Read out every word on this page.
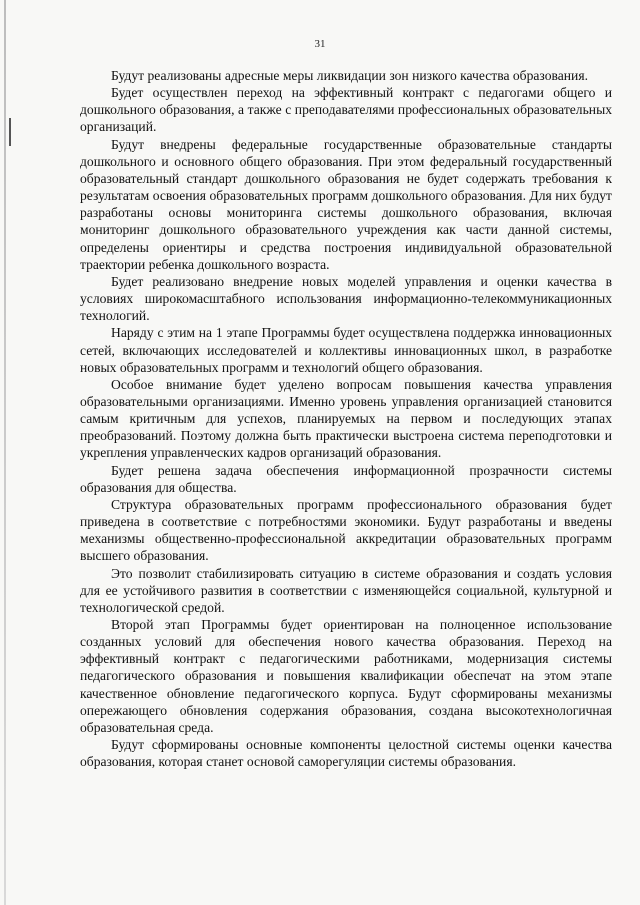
31

Будут реализованы адресные меры ликвидации зон низкого качества образования.

Будет осуществлен переход на эффективный контракт с педагогами общего и дошкольного образования, а также с преподавателями профессиональных образовательных организаций.

Будут внедрены федеральные государственные образовательные стандарты дошкольного и основного общего образования. При этом федеральный государственный образовательный стандарт дошкольного образования не будет содержать требования к результатам освоения образовательных программ дошкольного образования. Для них будут разработаны основы мониторинга системы дошкольного образования, включая мониторинг дошкольного образовательного учреждения как части данной системы, определены ориентиры и средства построения индивидуальной образовательной траектории ребенка дошкольного возраста.

Будет реализовано внедрение новых моделей управления и оценки качества в условиях широкомасштабного использования информационно-телекоммуникационных технологий.

Наряду с этим на 1 этапе Программы будет осуществлена поддержка инновационных сетей, включающих исследователей и коллективы инновационных школ, в разработке новых образовательных программ и технологий общего образования.

Особое внимание будет уделено вопросам повышения качества управления образовательными организациями. Именно уровень управления организацией становится самым критичным для успехов, планируемых на первом и последующих этапах преобразований. Поэтому должна быть практически выстроена система переподготовки и укрепления управленческих кадров организаций образования.

Будет решена задача обеспечения информационной прозрачности системы образования для общества.

Структура образовательных программ профессионального образования будет приведена в соответствие с потребностями экономики. Будут разработаны и введены механизмы общественно-профессиональной аккредитации образовательных программ высшего образования.

Это позволит стабилизировать ситуацию в системе образования и создать условия для ее устойчивого развития в соответствии с изменяющейся социальной, культурной и технологической средой.

Второй этап Программы будет ориентирован на полноценное использование созданных условий для обеспечения нового качества образования. Переход на эффективный контракт с педагогическими работниками, модернизация системы педагогического образования и повышения квалификации обеспечат на этом этапе качественное обновление педагогического корпуса. Будут сформированы механизмы опережающего обновления содержания образования, создана высокотехнологичная образовательная среда.

Будут сформированы основные компоненты целостной системы оценки качества образования, которая станет основой саморегуляции системы образования.
